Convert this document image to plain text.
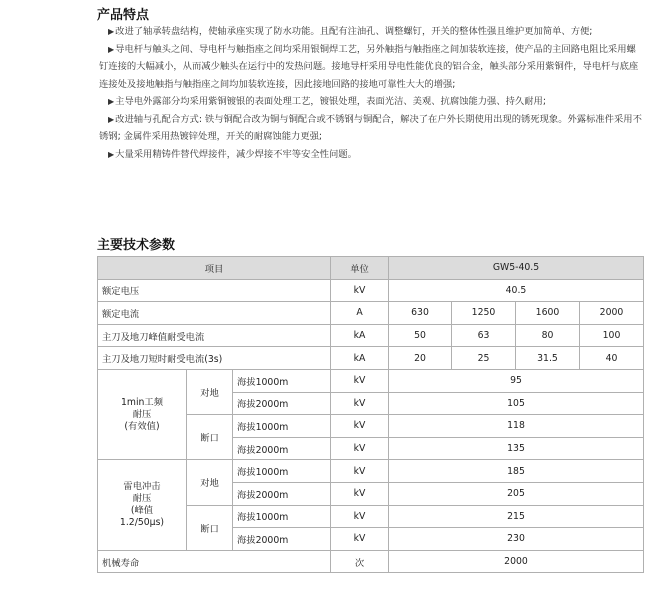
产品特点

▶改进了轴承转盘结构，使轴承座实现了防水功能。且配有注油孔、调整螺钉，开关的整体性强且维护更加简单、方便;

▶导电杆与触头之间、导电杆与触指座之间均采用银铜焊工艺，另外触指与触指座之间加装软连接，使产品的主回路电阻比采用螺钉连接的大幅减小，从而减少触头在运行中的发热问题。接地导杆采用导电性能优良的铝合金，触头部分采用紫铜件，导电杆与底座连接处及接地触指与触指座之间均加装软连接，因此接地回路的接地可靠性大大的增强;

▶主导电外露部分均采用紫铜镀银的表面处理工艺，镀银处理，表面光洁、美观、抗腐蚀能力强、持久耐用;

▶改进轴与孔配合方式: 铁与铜配合改为铜与铜配合或不锈钢与铜配合，解决了在户外长期使用出现的锈死现象。外露标准件采用不锈钢; 金属件采用热镀锌处理，开关的耐腐蚀能力更强;

▶大量采用精铸件替代焊接件，减少焊接不牢等安全性问题。

主要技术参数
项目			单位	GW5-40.5			
额定电压			kV	40.5			
额定电流			A	630	1250	1600	2000
主刀及地刀峰值耐受电流			kA	50	63	80	100
主刀及地刀短时耐受电流(3s)			kA	20	25	31.5	40
1min工频
耐压
(有效值)	对地	海拔1000m	kV	95			
		海拔2000m	kV	105			
	断口	海拔1000m	kV	118			
		海拔2000m	kV	135			
雷电冲击
耐压
(峰值
1.2/50μs)	对地	海拔1000m	kV	185			
		海拔2000m	kV	205			
	断口	海拔1000m	kV	215			
		海拔2000m	kV	230			
机械寿命			次	2000			
